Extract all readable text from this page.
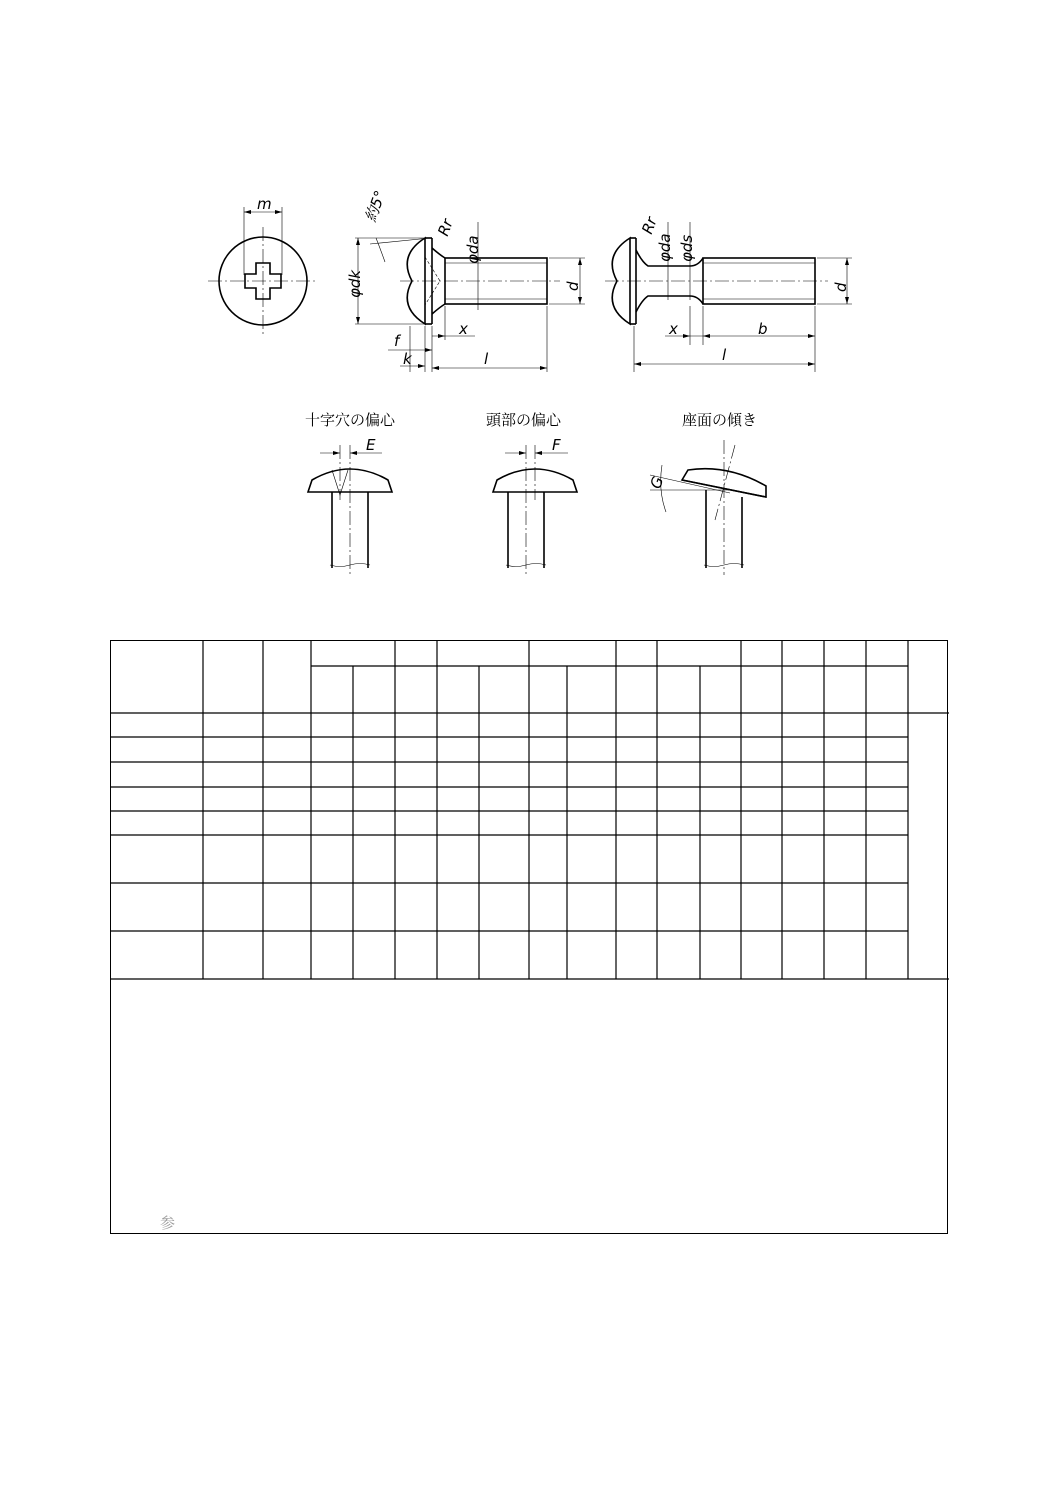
m	約5°
Rr
φdk
φda
d
x
f
k	l
Rr
φda φds
d
x	b
l
E	F
G
十字穴の偏心	頭部の偏心	座面の傾き
参
